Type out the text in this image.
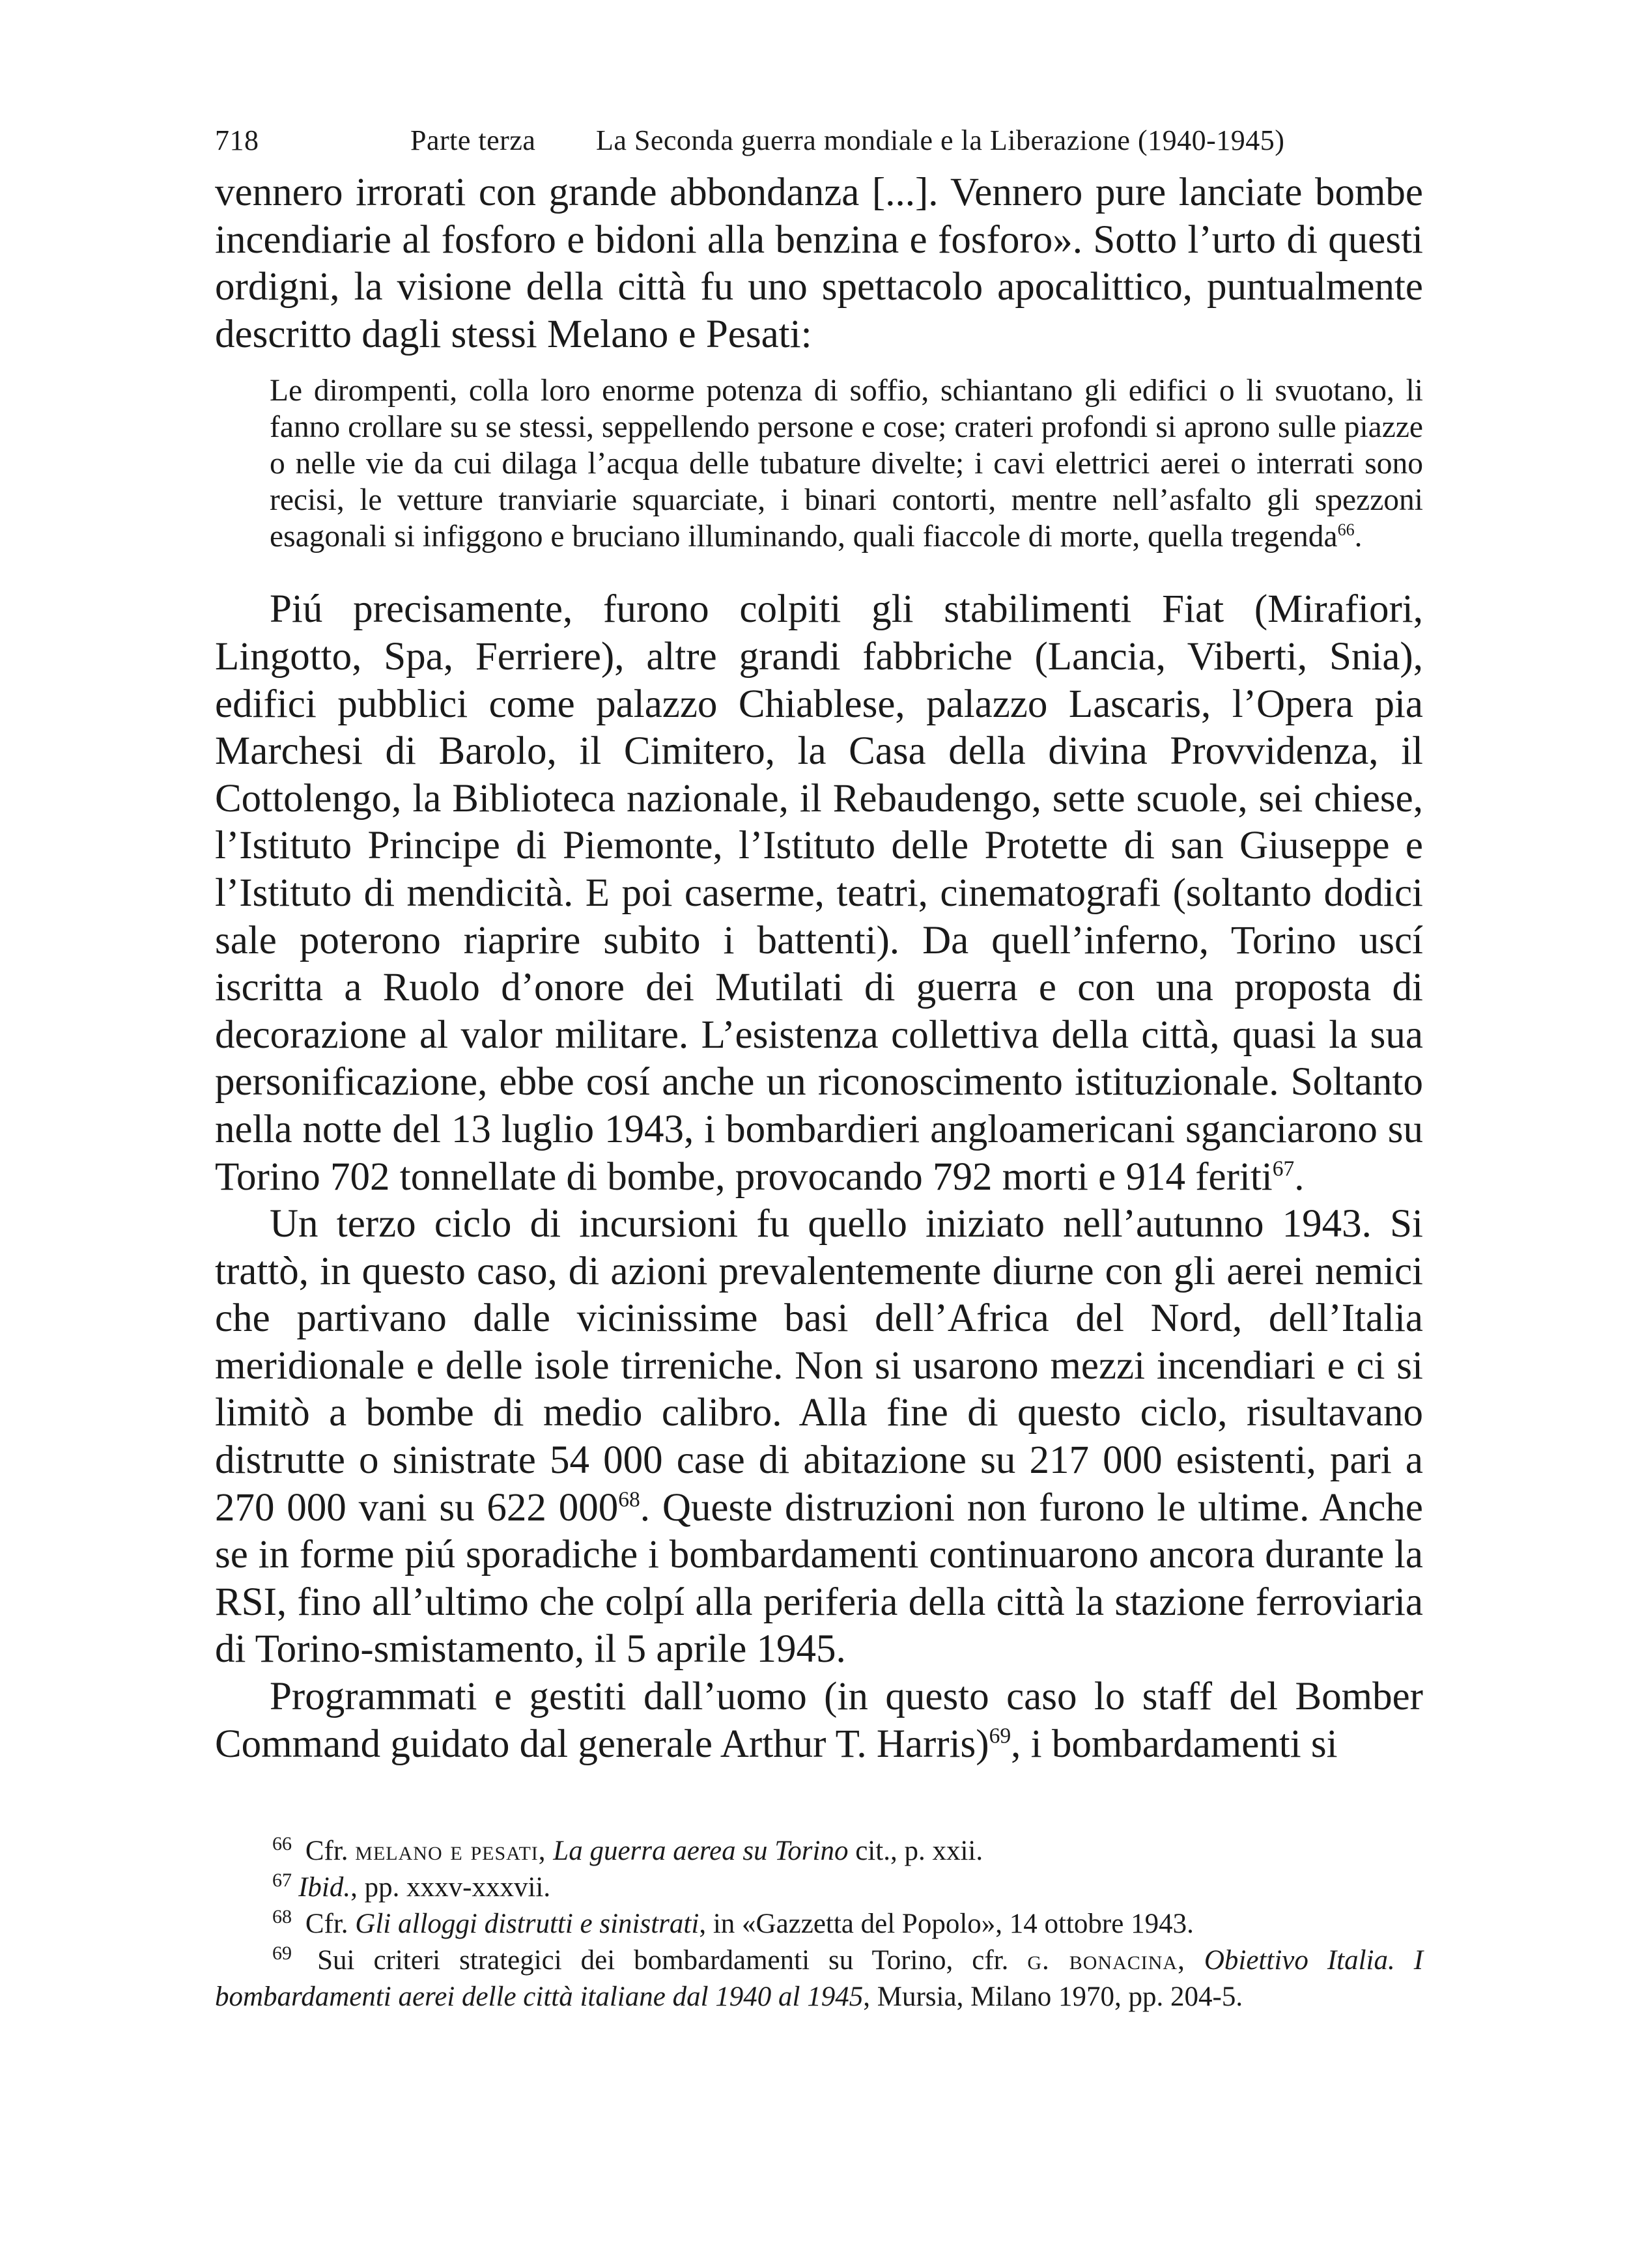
718	Parte terza La Seconda guerra mondiale e la Liberazione (1940-1945)

vennero irrorati con grande abbondanza [...]. Vennero pure lanciate bombe incendiarie al fosforo e bidoni alla benzina e fosforo». Sotto l’urto di questi ordigni, la visione della città fu uno spettacolo apocalittico, puntualmente descritto dagli stessi Melano e Pesati:

Le dirompenti, colla loro enorme potenza di soffio, schiantano gli edifici o li svuotano, li fanno crollare su se stessi, seppellendo persone e cose; crateri profondi si aprono sulle piazze o nelle vie da cui dilaga l’acqua delle tubature divelte; i cavi elettrici aerei o interrati sono recisi, le vetture tranviarie squarciate, i binari contorti, mentre nell’asfalto gli spezzoni esagonali si infiggono e bruciano illuminando, quali fiaccole di morte, quella tregenda$^{66}$.

Piú precisamente, furono colpiti gli stabilimenti Fiat (Mirafiori, Lingotto, Spa, Ferriere), altre grandi fabbriche (Lancia, Viberti, Snia), edifici pubblici come palazzo Chiablese, palazzo Lascaris, l’Opera pia Marchesi di Barolo, il Cimitero, la Casa della divina Provvidenza, il Cottolengo, la Biblioteca nazionale, il Rebaudengo, sette scuole, sei chiese, l’Istituto Principe di Piemonte, l’Istituto delle Protette di san Giuseppe e l’Istituto di mendicità. E poi caserme, teatri, cinematografi (soltanto dodici sale poterono riaprire subito i battenti). Da quell’inferno, Torino uscí iscritta a Ruolo d’onore dei Mutilati di guerra e con una proposta di decorazione al valor militare. L’esistenza collettiva della città, quasi la sua personificazione, ebbe cosí anche un riconoscimento istituzionale. Soltanto nella notte del 13 luglio 1943, i bombardieri angloamericani sganciarono su Torino 702 tonnellate di bombe, provocando 792 morti e 914 feriti$^{67}$.

Un terzo ciclo di incursioni fu quello iniziato nell’autunno 1943. Si trattò, in questo caso, di azioni prevalentemente diurne con gli aerei nemici che partivano dalle vicinissime basi dell’Africa del Nord, dell’Italia meridionale e delle isole tirreniche. Non si usarono mezzi incendiari e ci si limitò a bombe di medio calibro. Alla fine di questo ciclo, risultavano distrutte o sinistrate 54 000 case di abitazione su 217 000 esistenti, pari a 270 000 vani su 622 $000^{68}$. Queste distruzioni non furono le ultime. Anche se in forme piú sporadiche i bombardamenti continuarono ancora durante la RSI, fino all’ultimo che colpí alla periferia della città la stazione ferroviaria di Torino-smistamento, il 5 aprile 1945.

Programmati e gestiti dall’uomo (in questo caso lo staff del Bomber Command guidato dal generale Arthur T. Harris)$^{69}$, i bombardamenti si

$^{66}$ Cfr. melano e pesati, La guerra aerea su Torino cit., p. xxii.

$^{67}$ Ibid., pp. xxxv-xxxvii.

$^{68}$ Cfr. Gli alloggi distrutti e sinistrati, in «Gazzetta del Popolo», 14 ottobre 1943.

$^{69}$ Sui criteri strategici dei bombardamenti su Torino, cfr. g. bonacina, Obiettivo Italia. I bombardamenti aerei delle città italiane dal 1940 al 1945, Mursia, Milano 1970, pp. 204-5.
